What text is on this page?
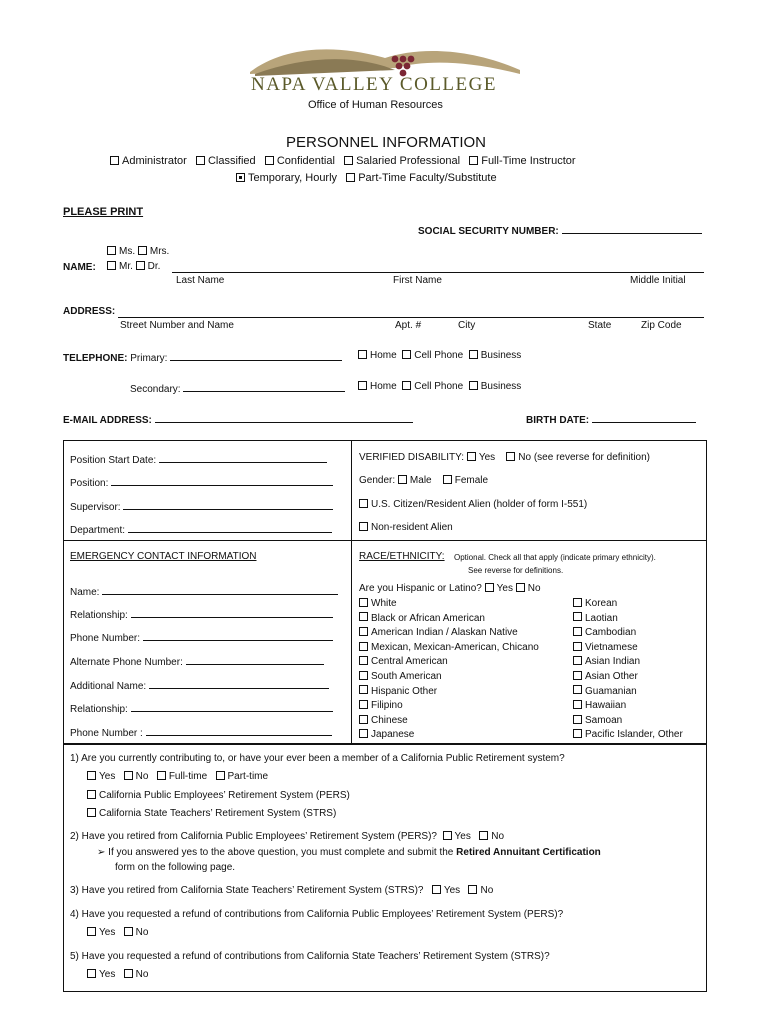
NAPA VALLEY COLLEGE
Office of Human Resources
PERSONNEL INFORMATION
Administrator Classified Confidential Salaried Professional Full-Time Instructor
Temporary, Hourly Part-Time Faculty/Substitute
PLEASE PRINT
SOCIAL SECURITY NUMBER:
Ms. Mrs.
NAME:	Mr. Dr.
Last Name	First Name	Middle Initial
ADDRESS:
Street Number and Name	Apt. #	City	State	Zip Code
TELEPHONE: Primary:	Home Cell Phone Business
Secondary:	Home Cell Phone Business
E-MAIL ADDRESS:	BIRTH DATE:
Position Start Date:
Position:
Supervisor:
Department:
VERIFIED DISABILITY: Yes No (see reverse for definition)
Gender: Male Female
U.S. Citizen/Resident Alien (holder of form I-551)
Non-resident Alien
EMERGENCY CONTACT INFORMATION
Name:
Relationship:
Phone Number:
Alternate Phone Number:
Additional Name:
Relationship:
Phone Number :
RACE/ETHNICITY: Optional. Check all that apply (indicate primary ethnicity).
See reverse for definitions.
Are you Hispanic or Latino? Yes No
White
Black or African American
American Indian / Alaskan Native
Mexican, Mexican-American, Chicano
Central American
South American
Hispanic Other
Filipino
Chinese
Japanese
Korean
Laotian
Cambodian
Vietnamese
Asian Indian
Asian Other
Guamanian
Hawaiian
Samoan
Pacific Islander, Other
1) Are you currently contributing to, or have your ever been a member of a California Public Retirement system?
Yes No Full-time Part-time
California Public Employees’ Retirement System (PERS)
California State Teachers’ Retirement System (STRS)
2) Have you retired from California Public Employees’ Retirement System (PERS)? Yes No
➢ If you answered yes to the above question, you must complete and submit the Retired Annuitant Certification
form on the following page.
3) Have you retired from California State Teachers’ Retirement System (STRS)? Yes No
4) Have you requested a refund of contributions from California Public Employees’ Retirement System (PERS)?
Yes No
5) Have you requested a refund of contributions from California State Teachers’ Retirement System (STRS)?
Yes No
